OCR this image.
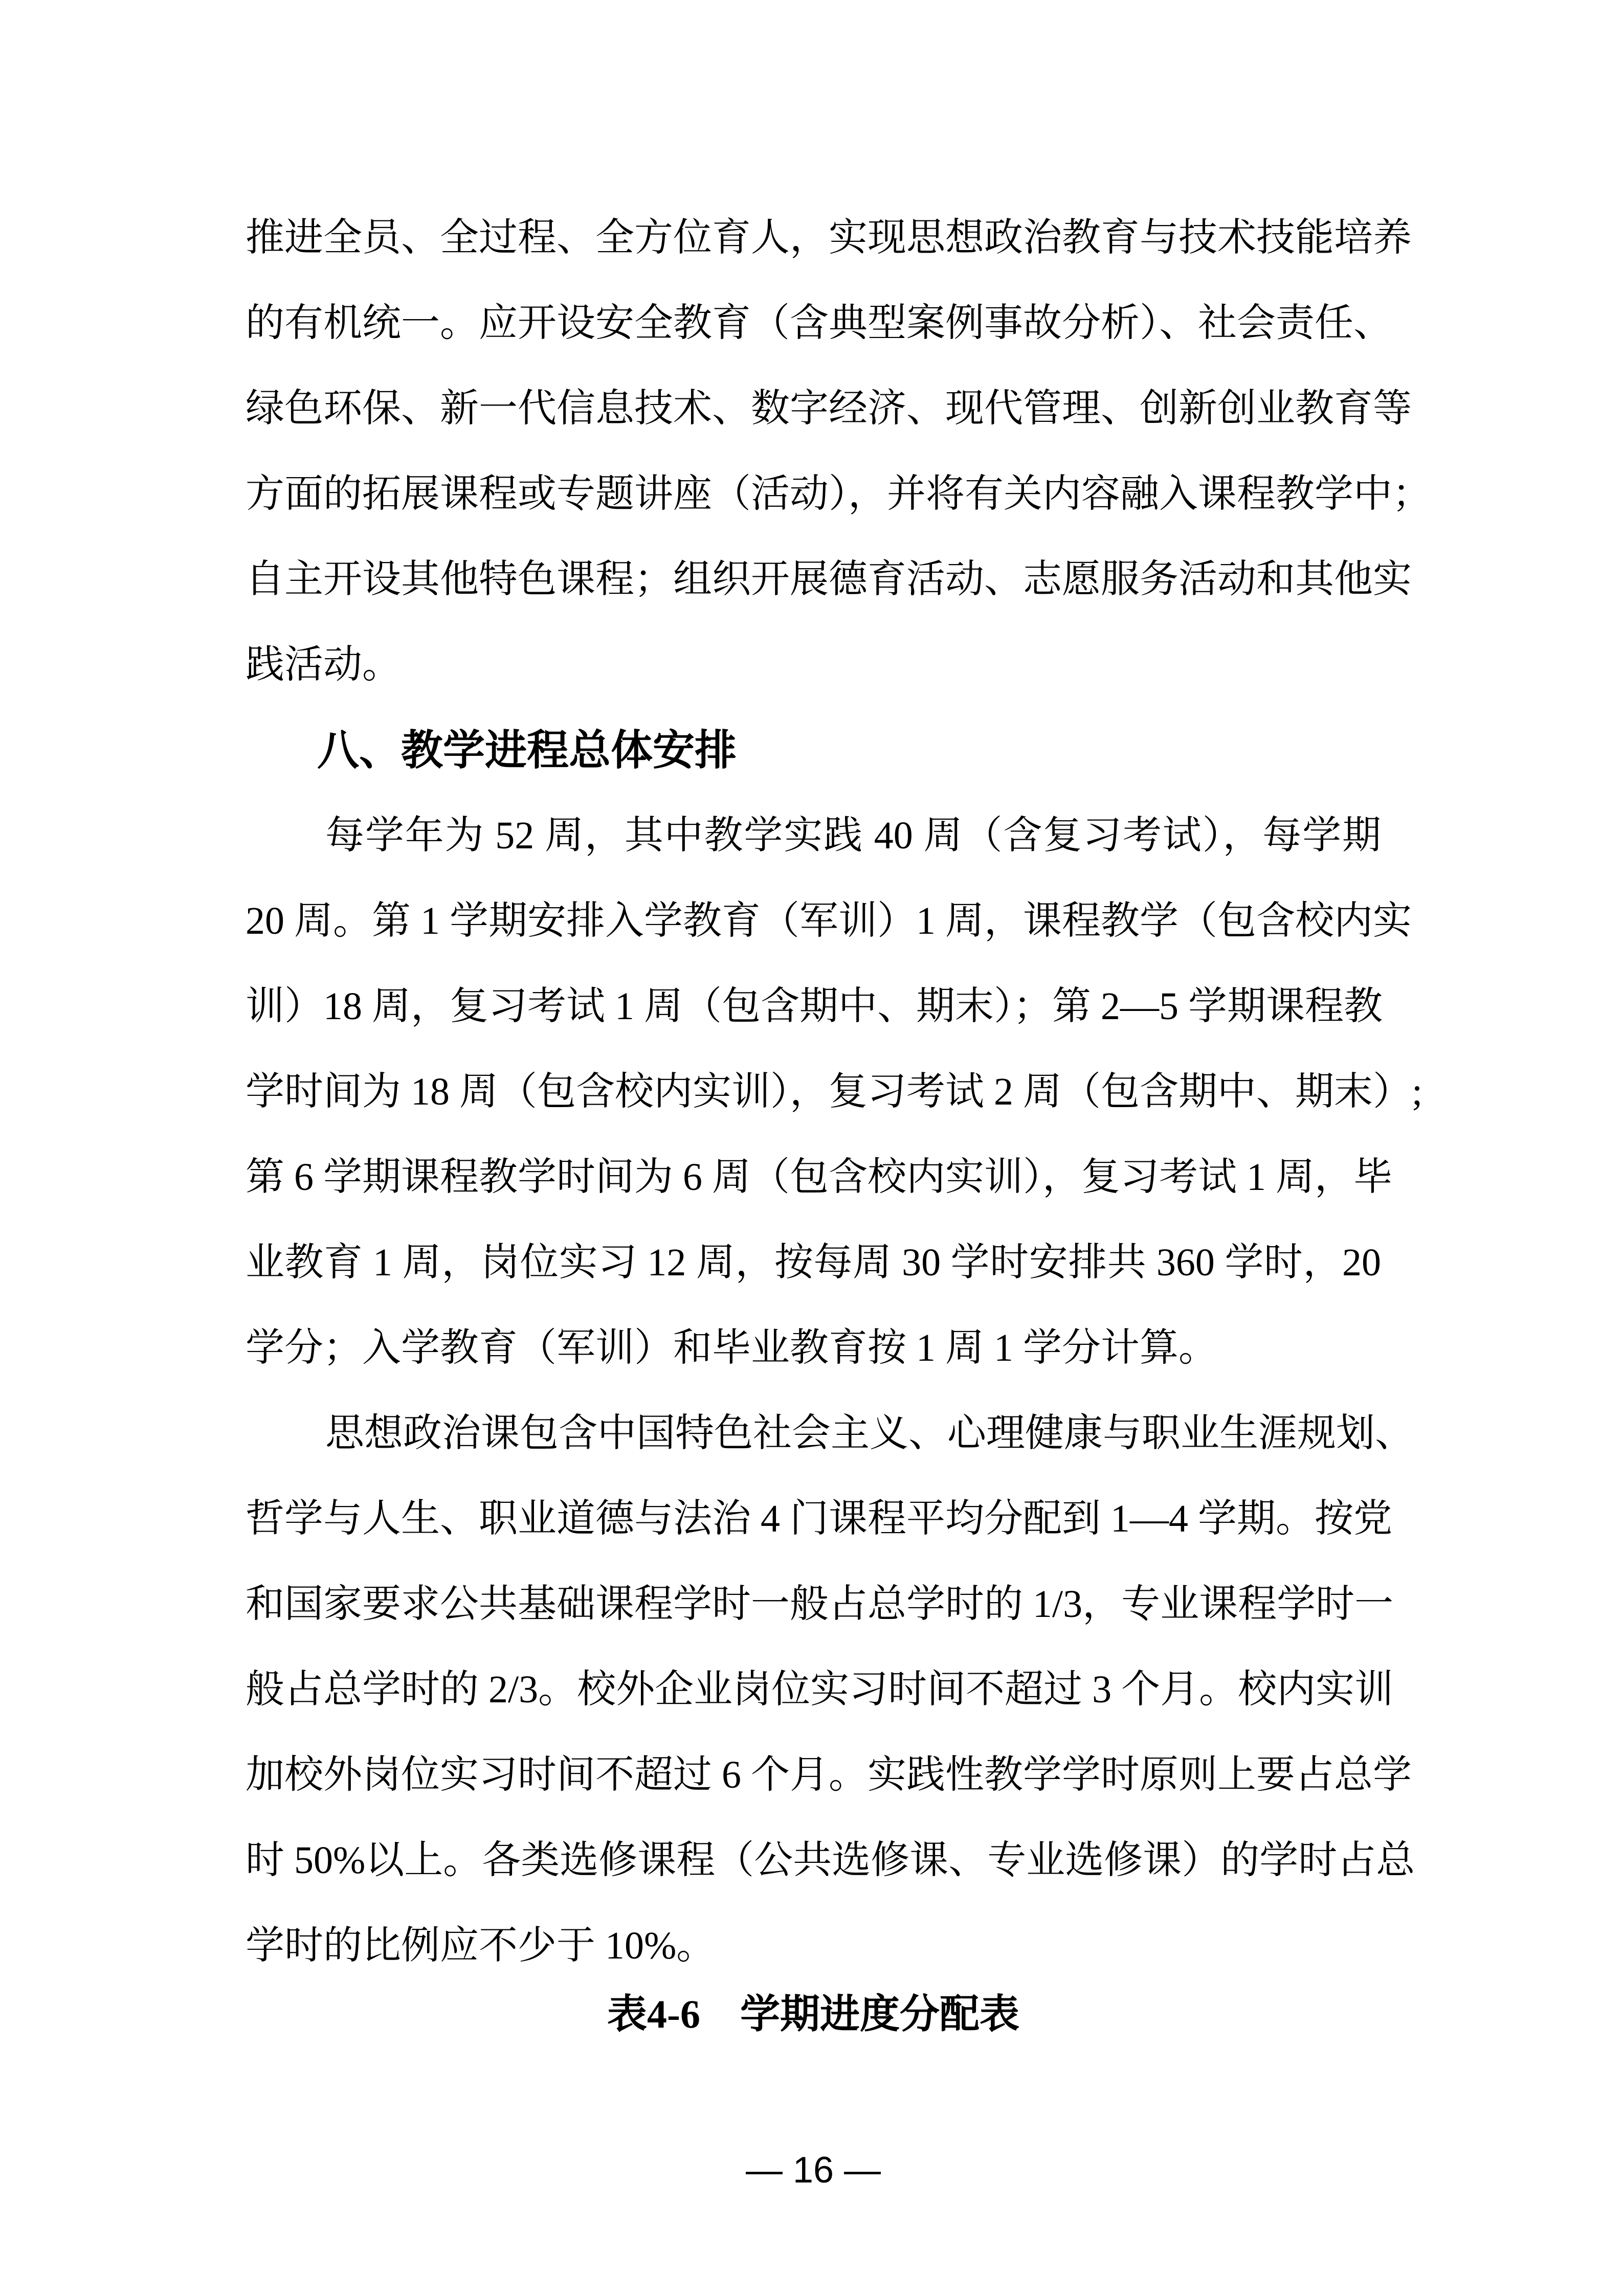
推进全员、全过程、全方位育人，实现思想政治教育与技术技能培养
的有机统一。应开设安全教育（含典型案例事故分析）、社会责任、
绿色环保、新一代信息技术、数字经济、现代管理、创新创业教育等
方面的拓展课程或专题讲座（活动），并将有关内容融入课程教学中；
自主开设其他特色课程；组织开展德育活动、志愿服务活动和其他实
践活动。
八、教学进程总体安排
每学年为 52 周，其中教学实践 40 周（含复习考试），每学期
20 周。第 1 学期安排入学教育（军训）1 周，课程教学（包含校内实
训）18 周，复习考试 1 周（包含期中、期末）；第 2—5 学期课程教
学时间为 18 周（包含校内实训），复习考试 2 周（包含期中、期末）;
第 6 学期课程教学时间为 6 周（包含校内实训），复习考试 1 周，毕
业教育 1 周，岗位实习 12 周，按每周 30 学时安排共 360 学时，20
学分；入学教育（军训）和毕业教育按 1 周 1 学分计算。
思想政治课包含中国特色社会主义、心理健康与职业生涯规划、
哲学与人生、职业道德与法治 4 门课程平均分配到 1—4 学期。按党
和国家要求公共基础课程学时一般占总学时的 1/3，专业课程学时一
般占总学时的 2/3。校外企业岗位实习时间不超过 3 个月。校内实训
加校外岗位实习时间不超过 6 个月。实践性教学学时原则上要占总学
时 50%以上。各类选修课程（公共选修课、专业选修课）的学时占总
学时的比例应不少于 10%。
表4-6　学期进度分配表
— 16 —
